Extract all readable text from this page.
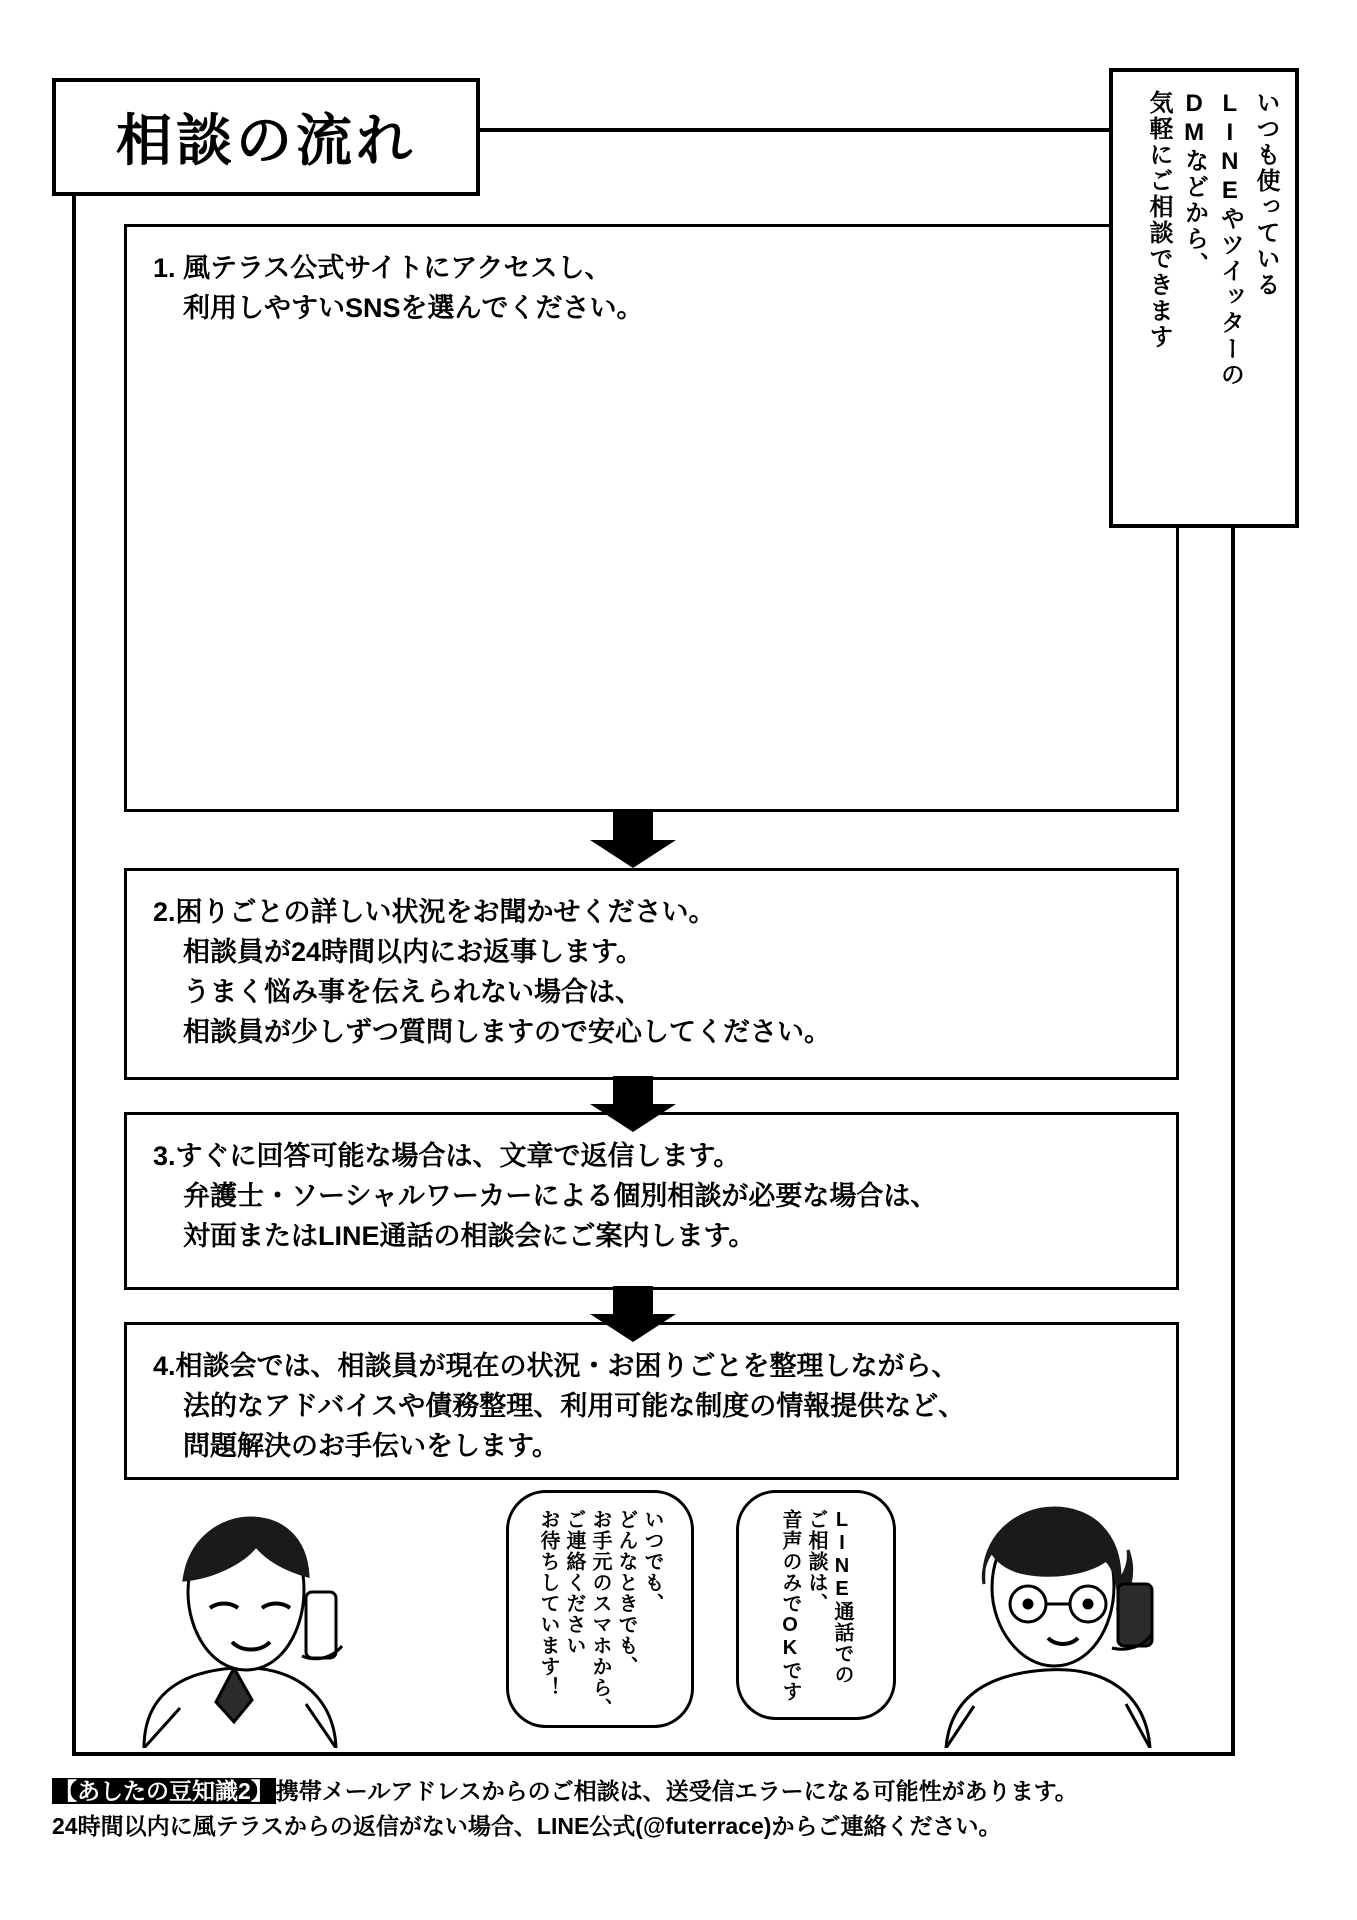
相談の流れ	いつも使っている
LINEやツイッターの
DMなどから、
気軽にご相談できます
1. 風テラス公式サイトにアクセスし、
利用しやすいSNSを選んでください。
2.困りごとの詳しい状況をお聞かせください。
相談員が24時間以内にお返事します。
うまく悩み事を伝えられない場合は、
相談員が少しずつ質問しますので安心してください。
3.すぐに回答可能な場合は、文章で返信します。
弁護士・ソーシャルワーカーによる個別相談が必要な場合は、
対面またはLINE通話の相談会にご案内します。
4.相談会では、相談員が現在の状況・お困りごとを整理しながら、
法的なアドバイスや債務整理、利用可能な制度の情報提供など、
問題解決のお手伝いをします。
いつでも、
どんなときでも、
お手元のスマホから、
ご連絡ください
お待ちしています！	LINE通話での
ご相談は、
音声のみでOKです
【あしたの豆知識2】携帯メールアドレスからのご相談は、送受信エラーになる可能性があります。
24時間以内に風テラスからの返信がない場合、LINE公式(@futerrace)からご連絡ください。
